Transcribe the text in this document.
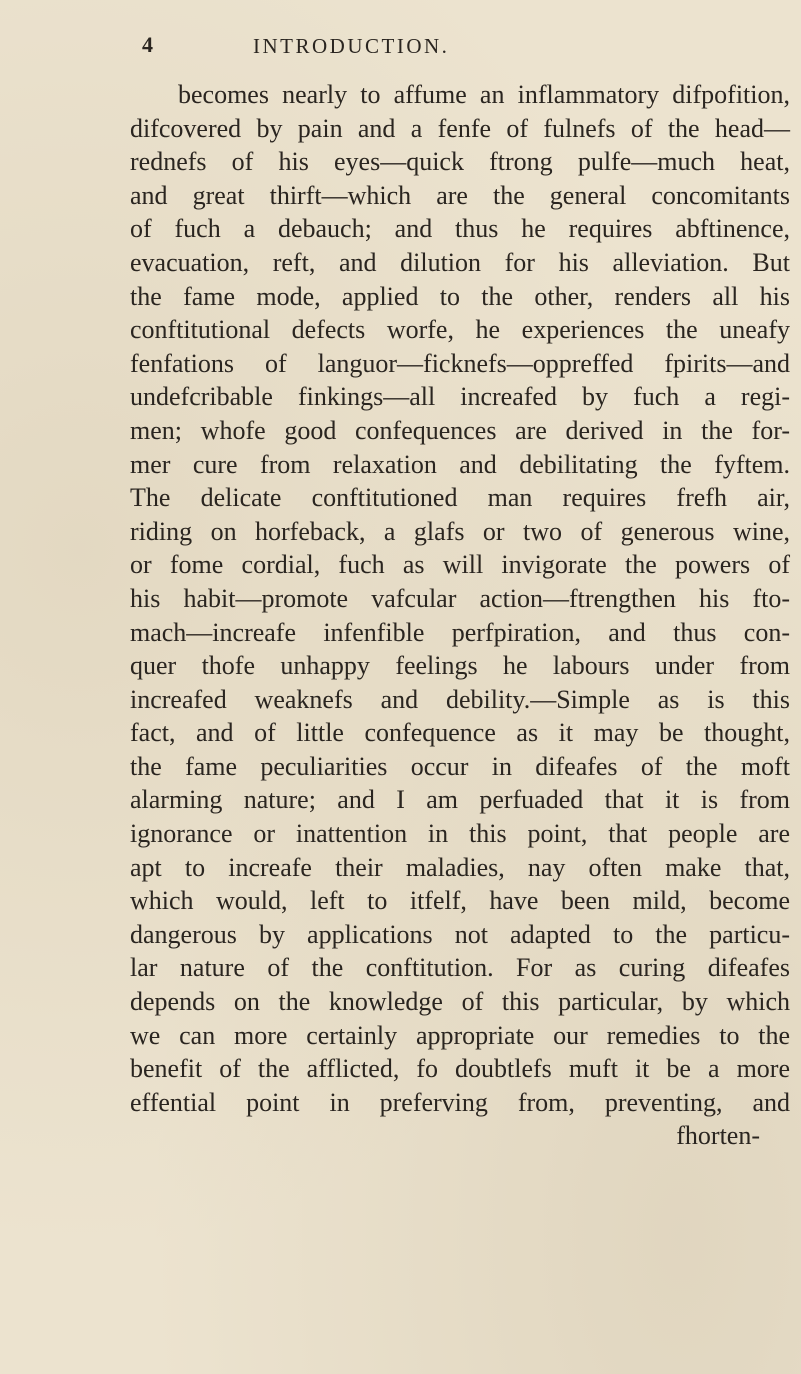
4	INTRODUCTION.
becomes nearly to affume an inflammatory difpofition,
difcovered by pain and a fenfe of fulnefs of the head—
rednefs of his eyes—quick ftrong pulfe—much heat,
and great thirft—which are the general concomitants
of fuch a debauch; and thus he requires abftinence,
evacuation, reft, and dilution for his alleviation. But
the fame mode, applied to the other, renders all his
conftitutional defects worfe, he experiences the uneafy
fenfations of languor—ficknefs—oppreffed fpirits—and
undefcribable finkings—all increafed by fuch a regi-
men; whofe good confequences are derived in the for-
mer cure from relaxation and debilitating the fyftem.
The delicate conftitutioned man requires frefh air,
riding on horfeback, a glafs or two of generous wine,
or fome cordial, fuch as will invigorate the powers of
his habit—promote vafcular action—ftrengthen his fto-
mach—increafe infenfible perfpiration, and thus con-
quer thofe unhappy feelings he labours under from
increafed weaknefs and debility.—Simple as is this
fact, and of little confequence as it may be thought,
the fame peculiarities occur in difeafes of the moft
alarming nature; and I am perfuaded that it is from
ignorance or inattention in this point, that people are
apt to increafe their maladies, nay often make that,
which would, left to itfelf, have been mild, become
dangerous by applications not adapted to the particu-
lar nature of the conftitution. For as curing difeafes
depends on the knowledge of this particular, by which
we can more certainly appropriate our remedies to the
benefit of the afflicted, fo doubtlefs muft it be a more
effential point in preferving from, preventing, and
fhorten-
